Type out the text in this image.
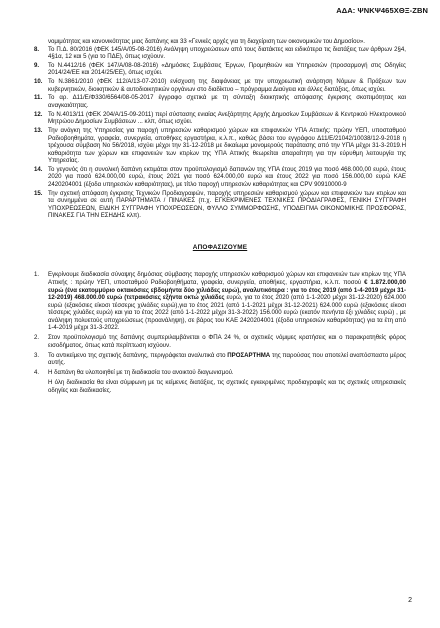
ΑΔΑ: ΨΝΚΨ465ΧΘΞ-ΖΒΝ
νομιμότητας και κανονικότητας μιας δαπάνης και 33 «Γενικές αρχές για τη διαχείριση των οικονομικών του Δημοσίου».
8.	Το Π.Δ. 80/2016 (ΦΕΚ 145/Α/05-08-2016) Ανάληψη υποχρεώσεων από τους διατάκτες και ειδικότερα τις διατάξεις των άρθρων 2§4, 4§1α, 12 και 5 (για το ΠΔΕ), όπως ισχύουν.
9.	Το Ν.4412/16 (ΦΕΚ 147/Α/08-08-2016) «Δημόσιες Συμβάσεις Έργων, Προμηθειών και Υπηρεσιών (προσαρμογή στις Οδηγίες 2014/24/ΕΕ και 2014/25/ΕΕ), όπως ισχύει.
10. Το Ν.3861/2010 (ΦΕΚ 112/Α/13-07-2010) ενίσχυση της διαφάνειας με την υποχρεωτική ανάρτηση Νόμων & Πράξεων των κυβερνητικών, διοικητικών & αυτοδιοικητικών οργάνων στο διαδίκτυο – πρόγραμμα Διαύγεια και άλλες διατάξεις, όπως ισχύει.
11. Το αρ. Δ11/Ε/Φ330/6564/08-05-2017 έγγραφο σχετικά με τη σύνταξη διοικητικής απόφασης έγκρισης σκοπιμότητας και αναγκαιότητας.
12. Το Ν.4013/11 (ΦΕΚ 204/Α/15-09-2011) περί σύστασης ενιαίας Ανεξάρτητης Αρχής Δημοσίων Συμβάσεων & Κεντρικού Ηλεκτρονικού Μητρώου Δημοσίων Συμβάσεων ... κλπ, όπως ισχύει.
13. Την ανάγκη της Υπηρεσίας για παροχή υπηρεσιών καθαρισμού χώρων και επιφανειών ΥΠΑ Αττικής: πρώην ΥΕΠ, υποσταθμού Ραδιοβοηθημάτα, γραφεία, συνεργεία, αποθήκες εργαστήρια, κ.λ.π., καθώς βάσει του εγγράφου Δ11/Ε/21042/10038/12-9-2018 η τρέχουσα σύμβαση Νο 56/2018, ισχύει μέχρι την 31-12-2018 με δικαίωμα μονομερούς παράτασης από την ΥΠΑ μέχρι 31-3-2019.Η καθαριότητα των χώρων και επιφανειών των κτιρίων της ΥΠΑ Αττικής θεωρείται απαραίτητη για την εύρυθμη λειτουργία της Υπηρεσίας.
14. Το γεγονός ότι η συνολική δαπάνη εκτιμάται στον προϋπολογισμό δαπανών της ΥΠΑ έτους 2019 για ποσό 468.000,00 ευρώ, έτους 2020 για ποσό 624.000,00 ευρώ, έτους 2021 για ποσό 624.000,00 ευρώ και έτους 2022 για ποσό 156.000,00 ευρώ ΚΑΕ 2420204001 (έξοδα υπηρεσιών καθαριότητας), με τίτλο παροχή υπηρεσιών καθαριότητας και CPV 90910000-9
15. Την σχετική απόφαση έγκρισης Τεχνικών Προδιαγραφών, παροχής υπηρεσιών καθαρισμού χώρων και επιφανειών των κτιρίων και τα συνημμένα σε αυτή ΠΑΡΑΡΤΗΜΑΤΑ / ΠΙΝΑΚΕΣ (π.χ. ΕΓΚΕΚΡΙΜΕΝΕΣ ΤΕΧΝΙΚΕΣ ΠΡΟΔΙΑΓΡΑΦΕΣ, ΓΕΝΙΚΗ ΣΥΓΓΡΑΦΗ ΥΠΟΧΡΕΩΣΕΩΝ, ΕΙΔΙΚΗ ΣΥΓΓΡΑΦΗ ΥΠΟΧΡΕΩΣΕΩΝ, ΦΥΛΛΟ ΣΥΜΜΟΡΦΩΣΗΣ, ΥΠΟΔΕΙΓΜΑ ΟΙΚΟΝΟΜΙΚΗΣ ΠΡΟΣΦΟΡΑΣ, ΠΙΝΑΚΕΣ ΓΙΑ ΤΗΝ ΕΣΗΔΗΣ κλπ).
ΑΠΟΦΑΣΙΖΟΥΜΕ
1.	Εγκρίνουμε διαδικασία σύναψης δημόσιας σύμβασης παροχής υπηρεσιών καθαρισμού χώρων και επιφανειών των κτιρίων της ΥΠΑ Αττικής : πρώην ΥΕΠ, υποσταθμού Ραδιοβοηθήματα, γραφεία, συνεργεία, αποθήκες, εργαστήρια, κ.λ.π. ποσού € 1.872.000,00 ευρώ (ένα εκατομμύριο οκτακόσιες εβδομήντα δύο χιλιάδες ευρώ), αναλυτικότερα : για το έτος 2019 (από 1-4-2019 μέχρι 31-12-2019) 468.000.00 ευρώ (τετρακόσιες εξήντα οκτώ χιλιάδες ευρώ, για το έτος 2020 (από 1-1-2020 μέχρι 31-12-2020) 624.000 ευρώ (εξακόσιες είκοσι τέσσερις χιλιάδες ευρώ),για το έτος 2021 (από 1-1-2021 μέχρι 31-12-2021) 624.000 ευρώ (εξακόσιες είκοσι τέσσερις χιλιάδες ευρώ) και για το έτος 2022 (από 1-1-2022 μέχρι 31-3-2022) 156.000 ευρώ (εκατόν πενήντα έξι χιλιάδες ευρώ) , με ανάληψη πολυετούς υποχρεώσεως (προανάληψη), σε βάρος του ΚΑΕ 2420204001 (έξοδα υπηρεσιών καθαριότητας) για τα έτη από 1-4-2019 μέχρι 31-3-2022.
2.	Στον προϋπολογισμό της δαπάνης συμπεριλαμβάνεται ο ΦΠΑ 24 %, οι σχετικές νόμιμες κρατήσεις και ο παρακρατηθείς φόρος εισοδήματος, όπως κατά περίπτωση ισχύουν.
3.	Το αντικείμενο της σχετικής δαπάνης, περιγράφεται αναλυτικά στο ΠΡΟΣΑΡΤΗΜΑ της παρούσας που αποτελεί αναπόσπαστο μέρος αυτής.
4.	Η δαπάνη θα υλοποιηθεί με τη διαδικασία του ανοικτού διαγωνισμού.
Η όλη διαδικασία θα είναι σύμφωνη με τις κείμενες διατάξεις, τις σχετικές εγκεκριμένες προδιαγραφές και τις σχετικές υπηρεσιακές οδηγίες και διαδικασίες.
2
